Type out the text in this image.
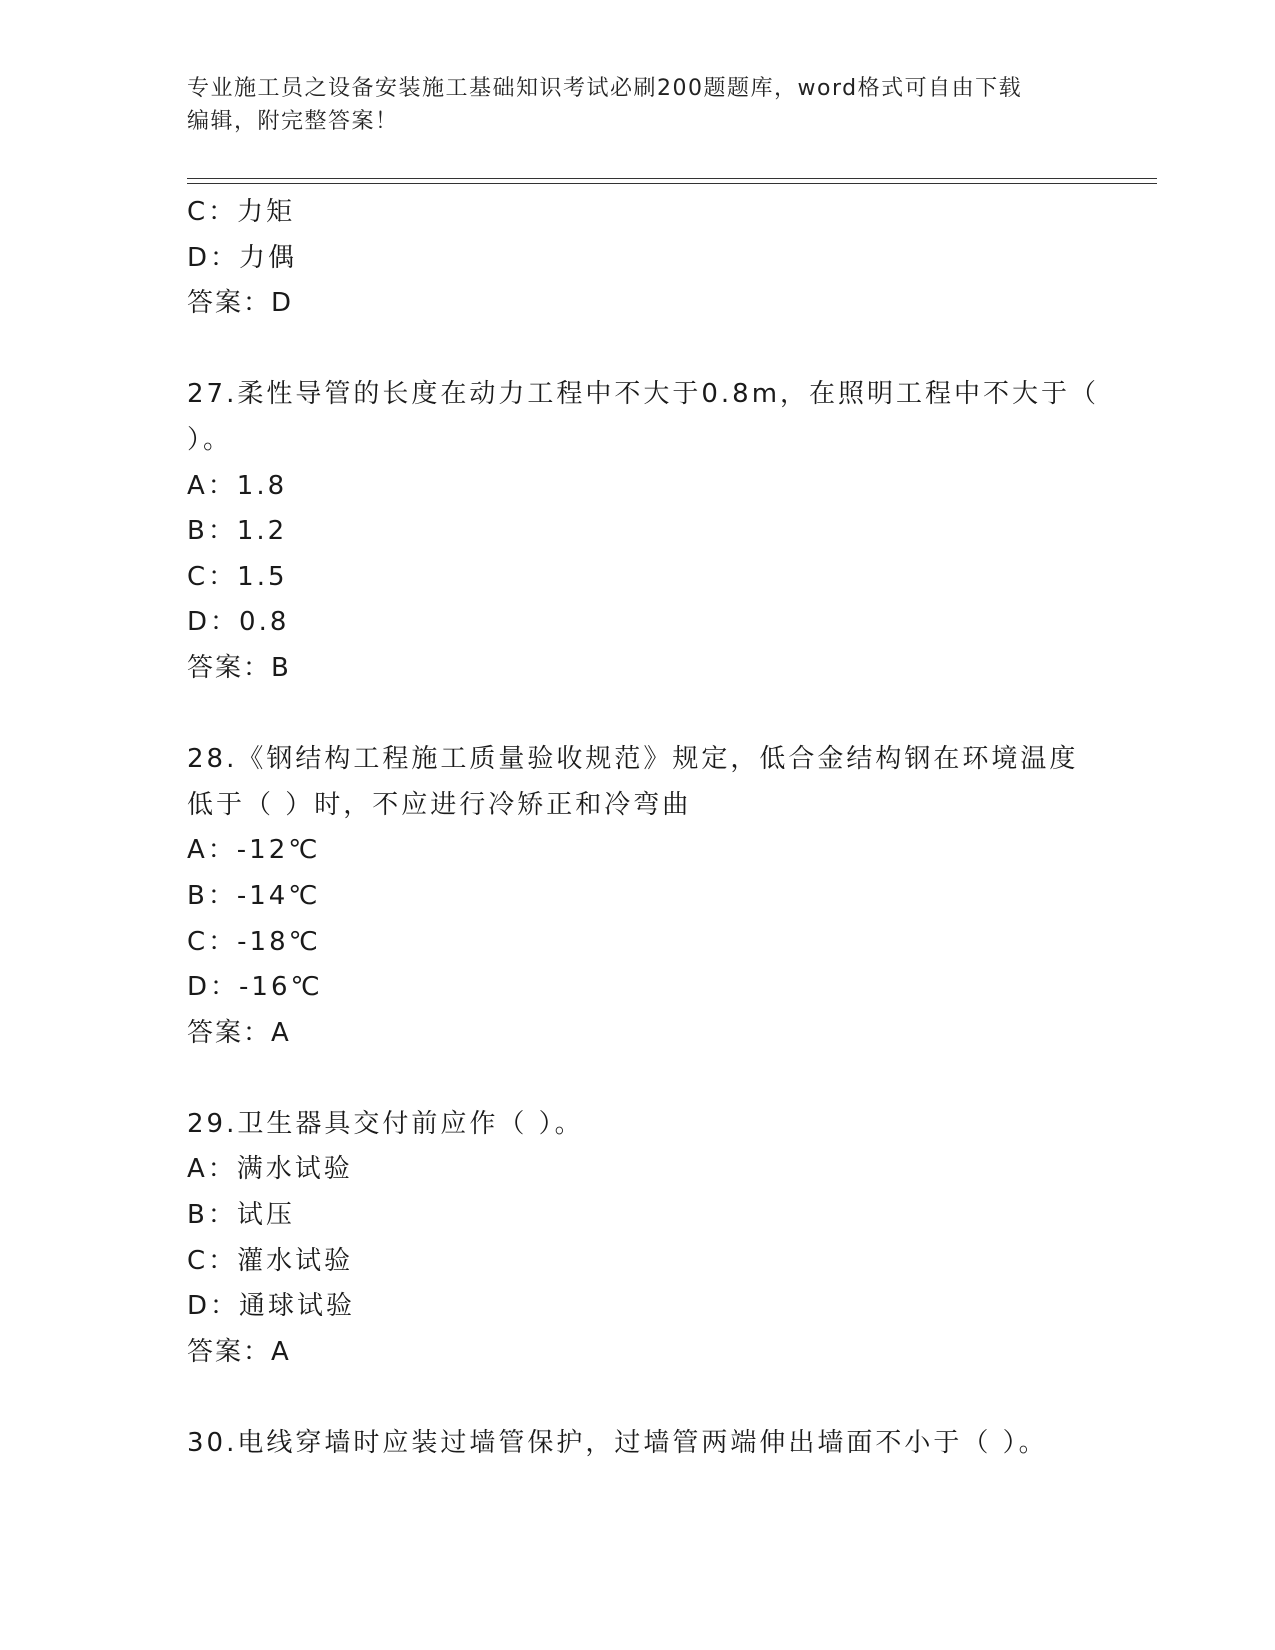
专业施工员之设备安装施工基础知识考试必刷200题题库，word格式可自由下载
编辑，附完整答案！
C：力矩
D：力偶
答案：D
27.柔性导管的长度在动力工程中不大于0.8m，在照明工程中不大于（
）。
A：1.8
B：1.2
C：1.5
D：0.8
答案：B
28.《钢结构工程施工质量验收规范》规定，低合金结构钢在环境温度
低于（ ）时，不应进行冷矫正和冷弯曲
A：-12℃
B：-14℃
C：-18℃
D：-16℃
答案：A
29.卫生器具交付前应作（ ）。
A：满水试验
B：试压
C：灌水试验
D：通球试验
答案：A
30.电线穿墙时应装过墙管保护，过墙管两端伸出墙面不小于（ ）。
